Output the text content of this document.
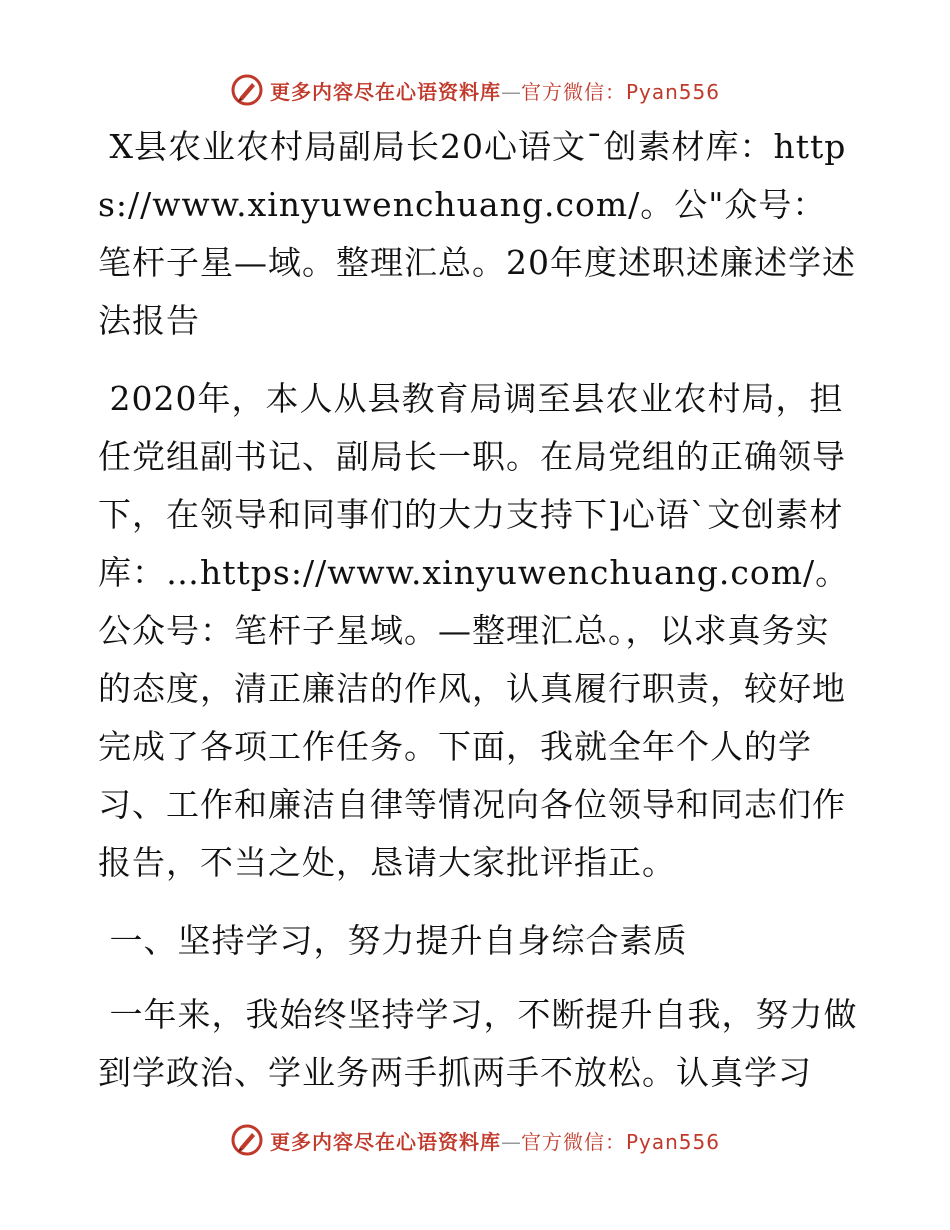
更多内容尽在心语资料库—官方微信：Pyan556

X县农业农村局副局长20心语文¯创素材库：https://www.xinyuwenchuang.com/。公"众号：笔杆子星—域。整理汇总。20年度述职述廉述学述法报告

2020年，本人从县教育局调至县农业农村局，担任党组副书记、副局长一职。在局党组的正确领导下，在领导和同事们的大力支持下]心语`文创素材库：…https://www.xinyuwenchuang.com/。公众号：笔杆子星域。—整理汇总。，以求真务实的态度，清正廉洁的作风，认真履行职责，较好地完成了各项工作任务。下面，我就全年个人的学习、工作和廉洁自律等情况向各位领导和同志们作报告，不当之处，恳请大家批评指正。

一、坚持学习，努力提升自身综合素质

一年来，我始终坚持学习，不断提升自我，努力做到学政治、学业务两手抓两手不放松。认真学习

更多内容尽在心语资料库—官方微信：Pyan556
